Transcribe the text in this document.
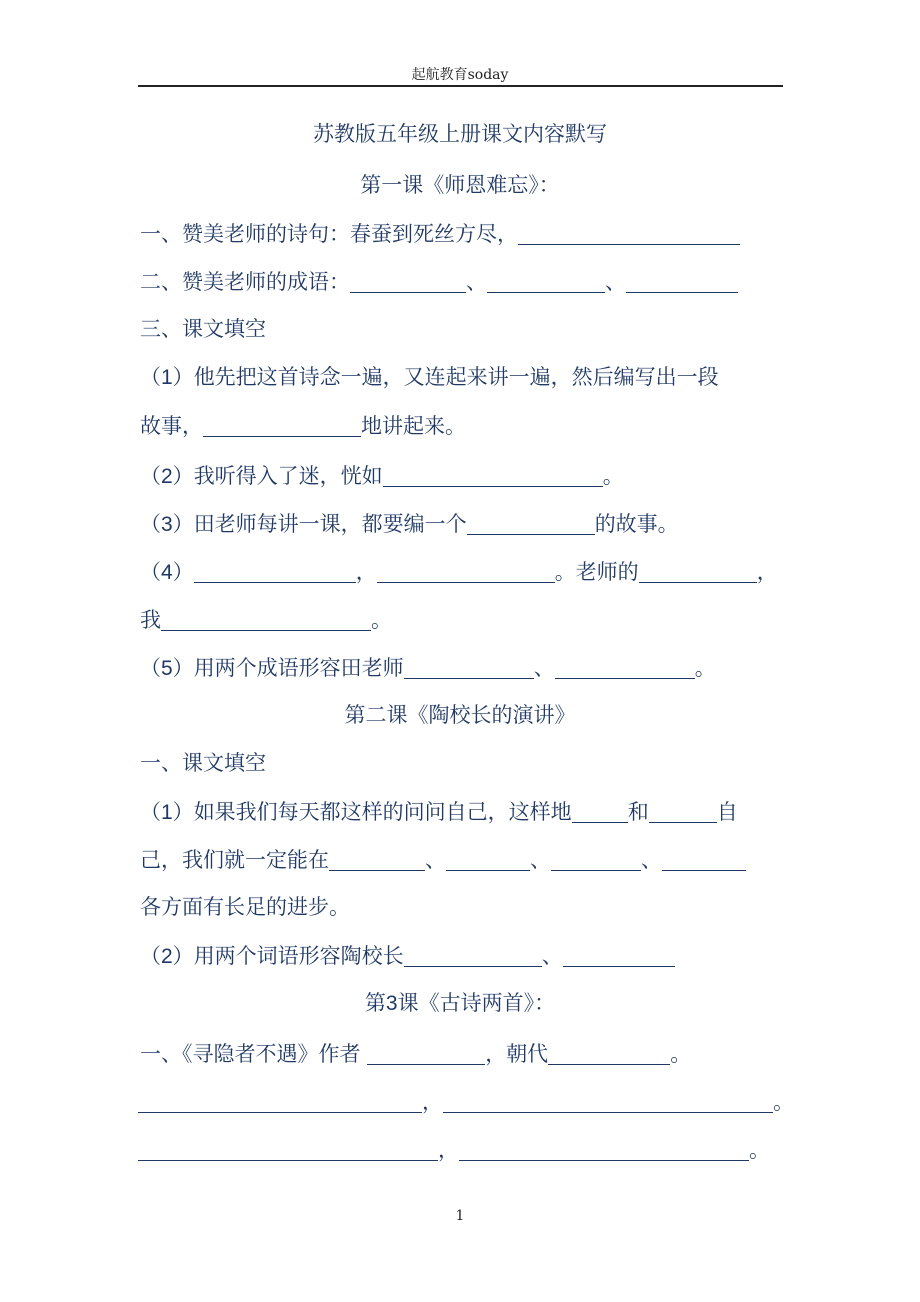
起航教育soday
苏教版五年级上册课文内容默写
第一课《师恩难忘》：
一、赞美老师的诗句：春蚕到死丝方尽，
二、赞美老师的成语：	、	、
三、课文填空
（1）他先把这首诗念一遍，又连起来讲一遍，然后编写出一段
故事，	地讲起来。
（2）我听得入了迷，恍如	。
（3）田老师每讲一课，都要编一个	的故事。
（4）	，	。老师的	，
我	。
（5）用两个成语形容田老师	、	。
第二课《陶校长的演讲》
一、课文填空
（1）如果我们每天都这样的问问自己，这样地	和	自
己，我们就一定能在	、	、	、
各方面有长足的进步。
（2）用两个词语形容陶校长	、
第3课《古诗两首》：
一、《寻隐者不遇》作者	，朝代	。
，	。
，	。
1
